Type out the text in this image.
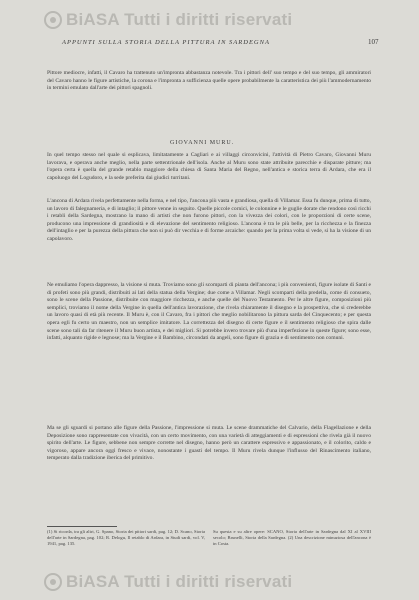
BiASA Tutti i diritti riservati
APPUNTI SULLA STORIA DELLA PITTURA IN SARDEGNA	107

Pittore mediocre, infatti, il Cavaro ha trattenuto un'impronta abbastanza notevole. Tra i pittori dell' suo tempo e del suo tempo, gli ammiratori del Cavaro hanno le figure artistiche, la corona e l'impronta a sufficienza quelle opere probabilmente la caratteristica dei più l'ammodernamento in termini emulato dall'arte dei pittori spagnoli.

GIOVANNI MURU.

In quel tempo stesso nel quale si esplicava, limitatamente a Cagliari e ai villaggi circonvicini, l'attività di Pietro Cavaro, Giovanni Muru lavorava, e operava anche meglio, nella parte settentrionale dell'isola. Anche al Muru sono state attribuite parecchie e disparate pitture; ma l'opera certa è quella del grande retablo maggiore della chiesa di Santa Maria del Regno, nell'antica e storica terra di Ardara, che era il capoluogo del Logudoro, e la sede preferita dai giudici turritani.

L'ancona di Ardara rivela perfettamente nella forma, e nel tipo, l'ancona più vasta e grandiosa, quella di Villamar. Essa fu dunque, prima di tutto, un lavoro di falegnameria, e di intaglio; il pittore venne in seguito. Quelle piccole cornici, le colonnine e le guglie dorate che rendono così ricchi i retabli della Sardegna, mostrano la mano di artisti che non furono pittori, con la vivezza dei colori, con le proporzioni di certe scene, producono una impressione di grandiosità e di elevazione del sentimento religioso. L'ancona è tra le più belle, per la ricchezza e la finezza dell'intaglio e per la purezza della pittura che non si può dir vecchia e di forme arcaiche: quando per la prima volta si vede, si ha la visione di un capolavoro.

Ne emuliamo l'opera dappresso, la visione si muta. Troviamo sono gli scomparti di pianta dell'ancona; i più convenienti, figure isolate di Santi e di profeti sono più grandi, distribuiti ai lati della statua della Vergine; due come a Villamar. Negli scomparti della predella, come di consueto, sono le scene della Passione, distribuite con maggiore ricchezza, e anche quelle del Nuovo Testamento. Per le altre figure, composizioni più semplici, troviamo il nome della Vergine in quella dell'antica lavorazione, che rivela chiaramente il disegno e la prospettiva, che si crederebbe un lavoro quasi di età più recente. Il Muru è, con il Cavaro, fra i pittori che meglio nobilitarono la pittura sarda del Cinquecento; e per questa opera egli fu certo un maestro, non un semplice imitatore. La correttezza del disegno di certe figure e il sentimento religioso che spira dalle scene sono tali da far ritenere il Muru buon artista, e dei migliori. Si potrebbe invero trovare più d'una imperfezione in queste figure; sono esse, infatti, alquanto rigide e legnose; ma la Vergine e il Bambino, circondati da angeli, sono figure di grazia e di sentimento non comuni.

Ma se gli sguardi si portano alle figure della Passione, l'impressione si muta. Le scene drammatiche del Calvario, della Flagellazione e della Deposizione sono rappresentate con vivacità, con un certo movimento, con una varietà di atteggiamenti e di espressioni che rivela già il nuovo spirito dell'arte. Le figure, sebbene non sempre corrette nel disegno, hanno però un carattere espressivo e appassionato, e il colorito, caldo e vigoroso, appare ancora oggi fresco e vivace, nonostante i guasti del tempo. Il Muru rivela dunque l'influsso del Rinascimento italiano, temperato dalla tradizione iberica del primitivo.

(1) Si ricorda, tra gli altri, G. Spano, Storia dei pittori sardi, pag. 12; D. Scano, Storia dell'arte in Sardegna, pag. 102; R. Delogu, Il retablo di Ardara, in Studi sardi, vol. V, 1941, pag. 135.
Su questa e su altre opere: SCANO, Storia dell'arte in Sardegna dal XI al XVIII secolo; Brunelli, Storia della Sardegna. (2) Una descrizione minuziosa dell'ancona è in Costa.
BiASA Tutti i diritti riservati
